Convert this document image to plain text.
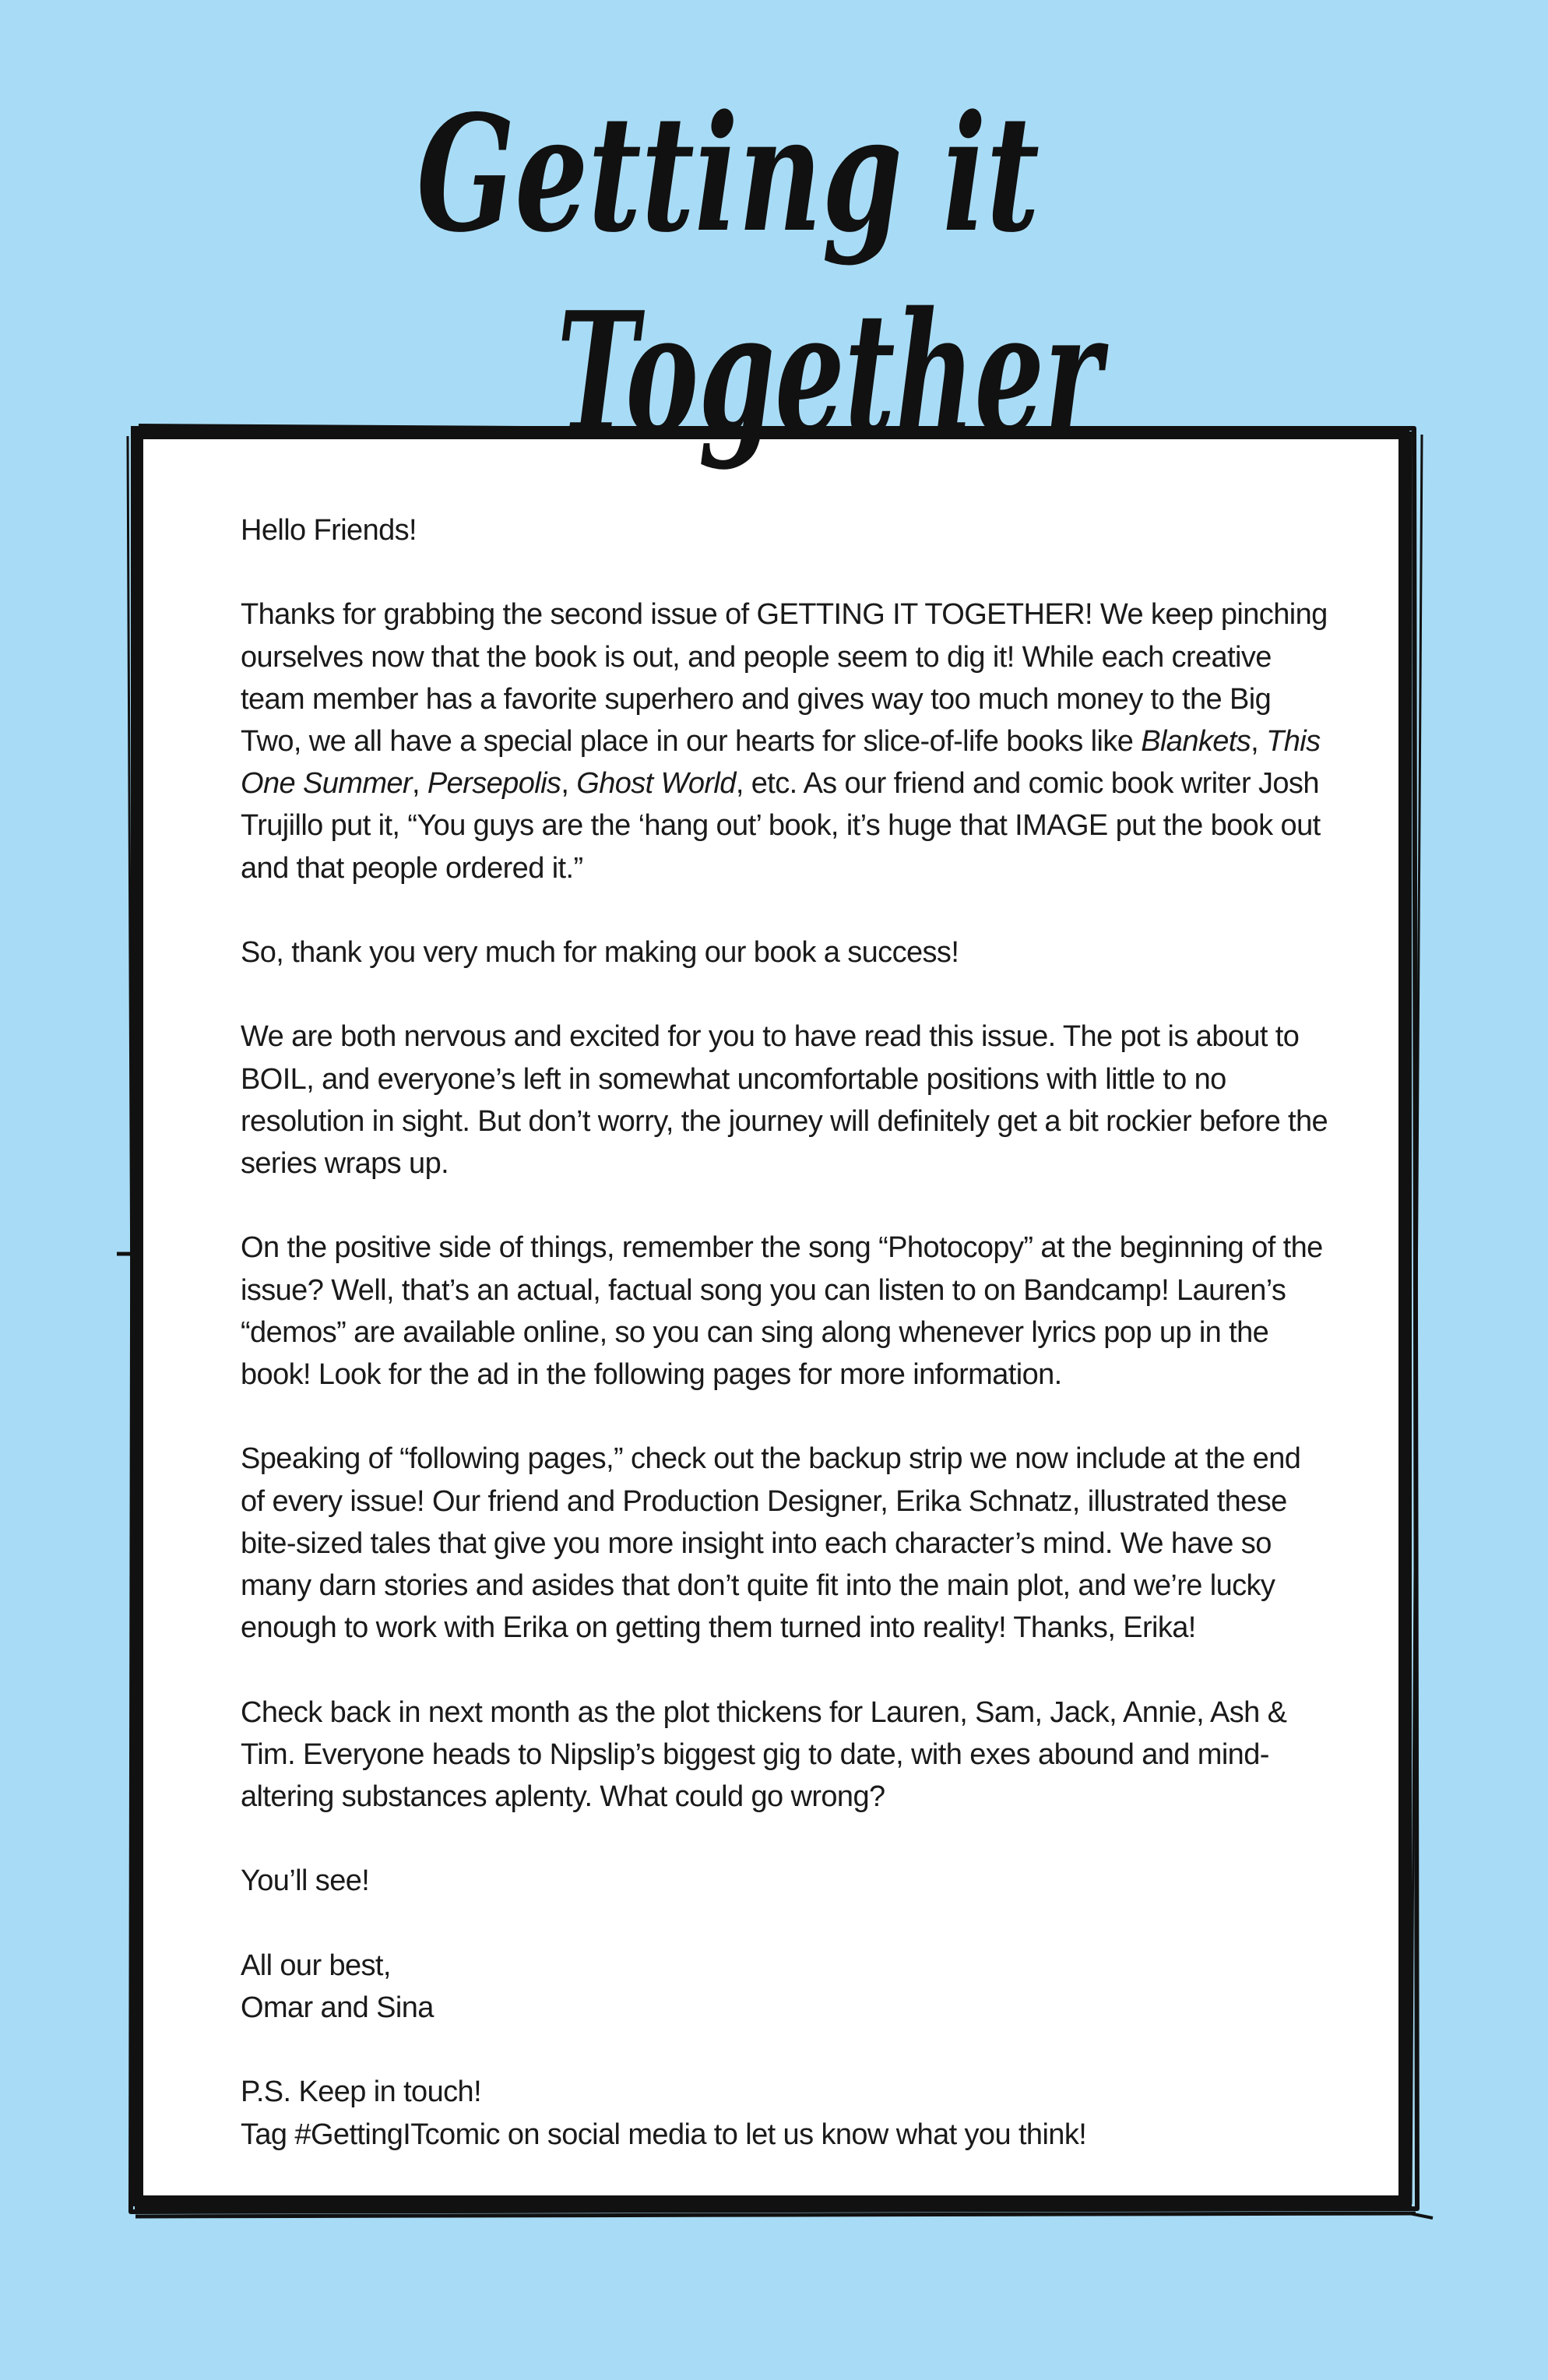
Getting it
Together

Hello Friends!

Thanks for grabbing the second issue of GETTING IT TOGETHER! We keep pinching ourselves now that the book is out, and people seem to dig it! While each creative team member has a favorite superhero and gives way too much money to the Big Two, we all have a special place in our hearts for slice-of-life books like Blankets, This One Summer, Persepolis, Ghost World, etc. As our friend and comic book writer Josh Trujillo put it, “You guys are the ‘hang out’ book, it’s huge that IMAGE put the book out and that people ordered it.”

So, thank you very much for making our book a success!

We are both nervous and excited for you to have read this issue. The pot is about to BOIL, and everyone’s left in somewhat uncomfortable positions with little to no resolution in sight. But don’t worry, the journey will definitely get a bit rockier before the series wraps up.

On the positive side of things, remember the song “Photocopy” at the beginning of the issue? Well, that’s an actual, factual song you can listen to on Bandcamp! Lauren’s “demos” are available online, so you can sing along whenever lyrics pop up in the book! Look for the ad in the following pages for more information.

Speaking of “following pages,” check out the backup strip we now include at the end of every issue! Our friend and Production Designer, Erika Schnatz, illustrated these bite-sized tales that give you more insight into each character’s mind. We have so many darn stories and asides that don’t quite fit into the main plot, and we’re lucky enough to work with Erika on getting them turned into reality! Thanks, Erika!

Check back in next month as the plot thickens for Lauren, Sam, Jack, Annie, Ash & Tim. Everyone heads to Nipslip’s biggest gig to date, with exes abound and mind-altering substances aplenty. What could go wrong?

You’ll see!

All our best,

Omar and Sina

P.S. Keep in touch!

Tag #GettingITcomic on social media to let us know what you think!
